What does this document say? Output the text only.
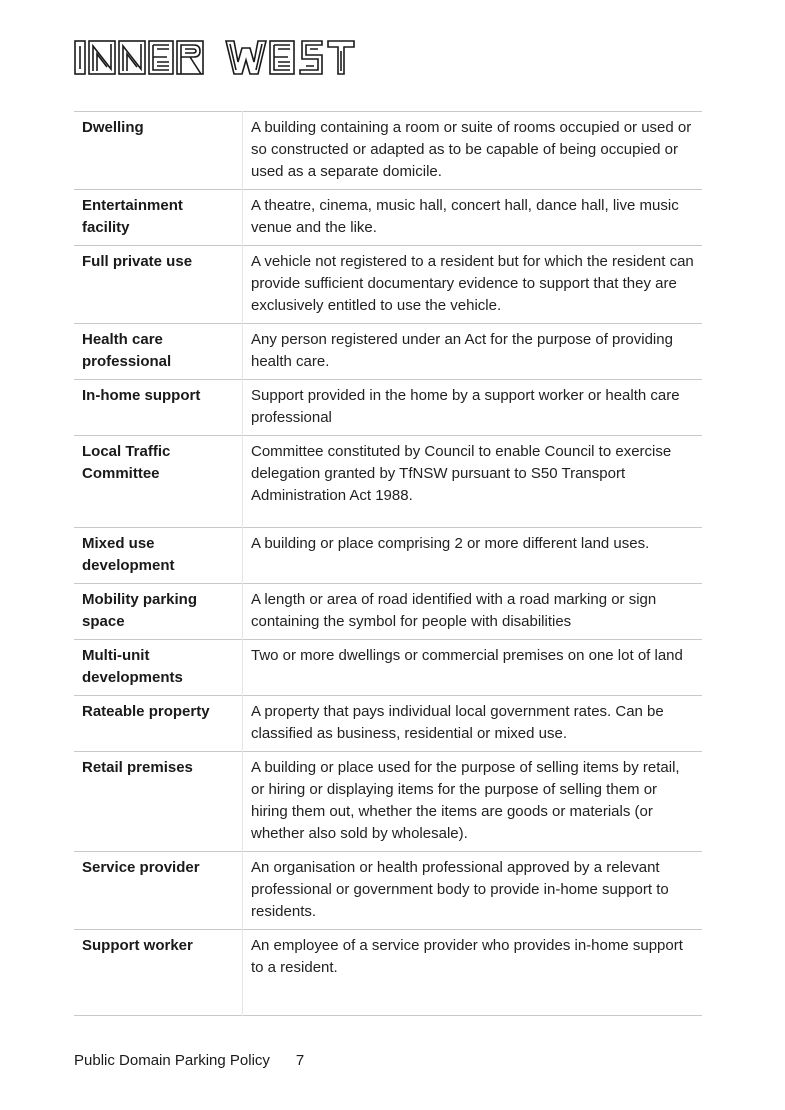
Dwelling	A building containing a room or suite of rooms occupied or used or so constructed or adapted as to be capable of being occupied or used as a separate domicile.
Entertainment facility	A theatre, cinema, music hall, concert hall, dance hall, live music venue and the like.
Full private use	A vehicle not registered to a resident but for which the resident can provide sufficient documentary evidence to support that they are exclusively entitled to use the vehicle.
Health care professional	Any person registered under an Act for the purpose of providing health care.
In-home support	Support provided in the home by a support worker or health care professional
Local Traffic Committee	Committee constituted by Council to enable Council to exercise delegation granted by TfNSW pursuant to S50 Transport Administration Act 1988.
Mixed use development	A building or place comprising 2 or more different land uses.
Mobility parking space	A length or area of road identified with a road marking or sign containing the symbol for people with disabilities
Multi-unit developments	Two or more dwellings or commercial premises on one lot of land
Rateable property	A property that pays individual local government rates. Can be classified as business, residential or mixed use.
Retail premises	A building or place used for the purpose of selling items by retail, or hiring or displaying items for the purpose of selling them or hiring them out, whether the items are goods or materials (or whether also sold by wholesale).
Service provider	An organisation or health professional approved by a relevant professional or government body to provide in-home support to residents.
Support worker	An employee of a service provider who provides in-home support to a resident.
Public Domain Parking Policy 7
